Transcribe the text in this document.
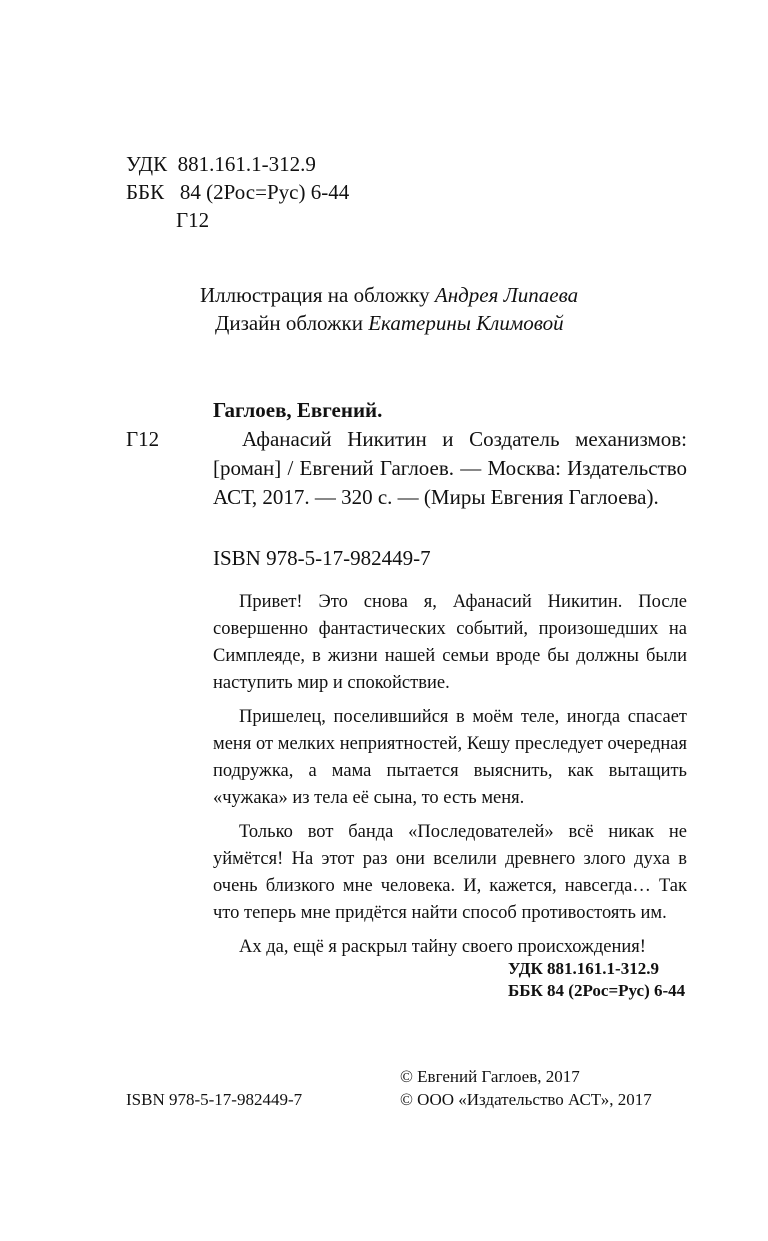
УДК 881.161.1-312.9
ББК 84 (2Рос=Рус) 6-44
Г12
Иллюстрация на обложку Андрея Липаева
Дизайн обложки Екатерины Климовой
Гаглоев, Евгений.
Г12	Афанасий Никитин и Создатель механизмов: [роман] / Евгений Гаглоев. — Москва: Издательство АСТ, 2017. — 320 с. — (Миры Евгения Гаглоева).
ISBN 978-5-17-982449-7

Привет! Это снова я, Афанасий Никитин. После совершенно фантастических событий, произошедших на Симплеяде, в жизни нашей семьи вроде бы должны были наступить мир и спокойствие.

Пришелец, поселившийся в моём теле, иногда спасает меня от мелких неприятностей, Кешу преследует очередная подружка, а мама пытается выяснить, как вытащить «чужака» из тела её сына, то есть меня.

Только вот банда «Последователей» всё никак не уймётся! На этот раз они вселили древнего злого духа в очень близкого мне человека. И, кажется, навсегда… Так что теперь мне придётся найти способ противостоять им.

Ах да, ещё я раскрыл тайну своего происхождения!

УДК 881.161.1-312.9
ББК 84 (2Рос=Рус) 6-44
© Евгений Гаглоев, 2017
ISBN 978-5-17-982449-7	© ООО «Издательство АСТ», 2017
